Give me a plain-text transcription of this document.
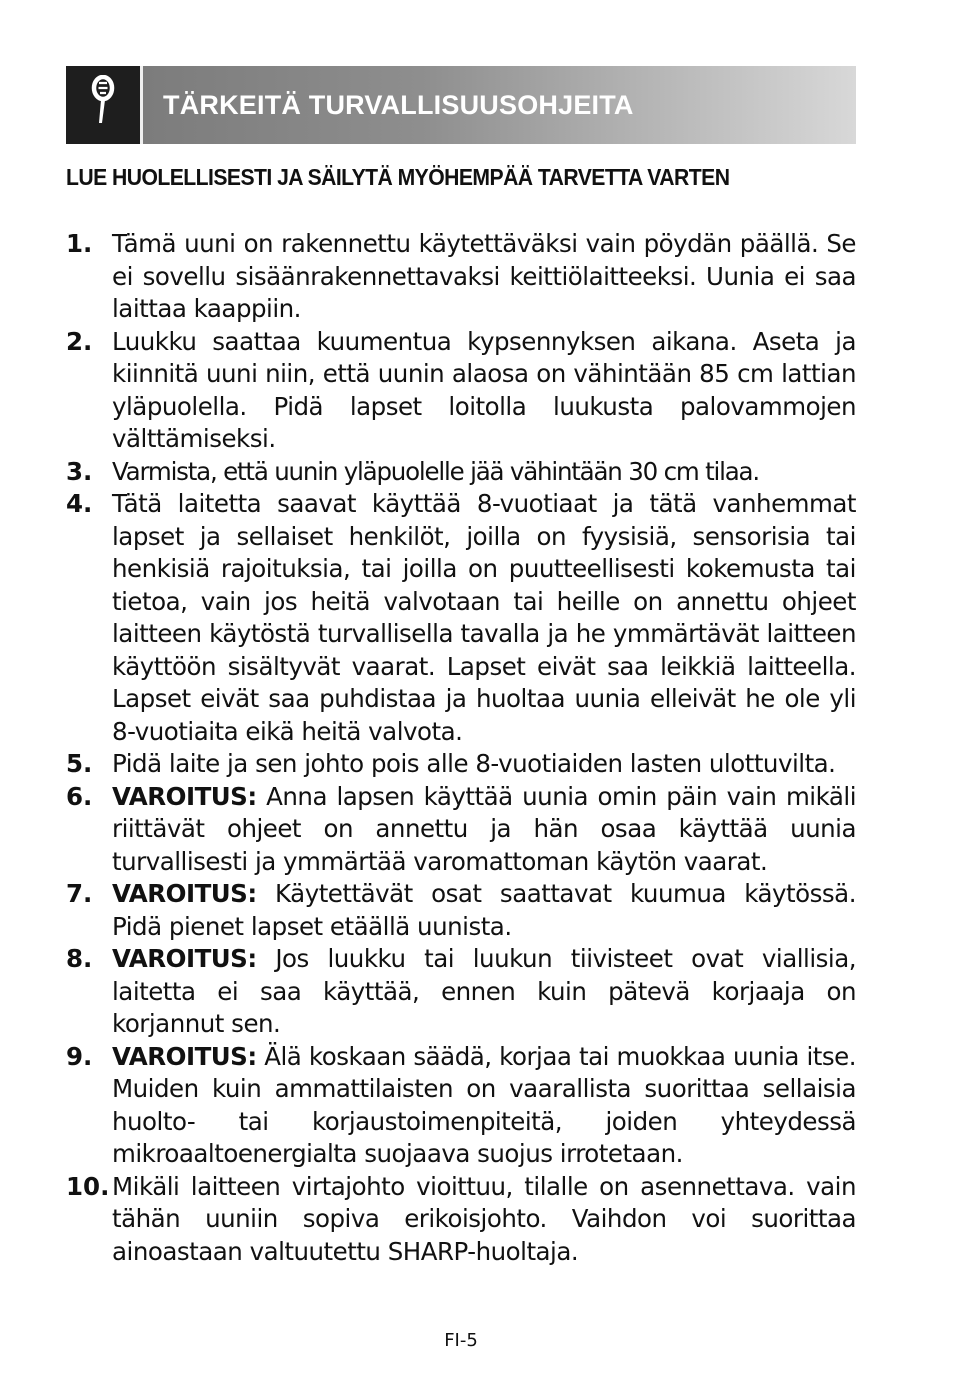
TÄRKEITÄ TURVALLISUUSOHJEITA
LUE HUOLELLISESTI JA SÄILYTÄ MYÖHEMPÄÄ TARVETTA VARTEN
1. Tämä uuni on rakennettu käytettäväksi vain pöydän päällä. Se ei sovellu sisäänrakennettavaksi keittiölaitteeksi. Uunia ei saa laittaa kaappiin.
2. Luukku saattaa kuumentua kypsennyksen aikana. Aseta ja kiinnitä uuni niin, että uunin alaosa on vähintään 85 cm lattian yläpuolella. Pidä lapset loitolla luukusta palovammojen välttämiseksi.
3. Varmista, että uunin yläpuolelle jää vähintään 30 cm tilaa.
4. Tätä laitetta saavat käyttää 8-vuotiaat ja tätä vanhemmat lapset ja sellaiset henkilöt, joilla on fyysisiä, sensorisia tai henkisiä rajoituksia, tai joilla on puutteellisesti kokemusta tai tietoa, vain jos heitä valvotaan tai heille on annettu ohjeet laitteen käytöstä turvallisella tavalla ja he ymmärtävät laitteen käyttöön sisältyvät vaarat. Lapset eivät saa leikkiä laitteella. Lapset eivät saa puhdistaa ja huoltaa uunia elleivät he ole yli 8-vuotiaita eikä heitä valvota.
5. Pidä laite ja sen johto pois alle 8-vuotiaiden lasten ulottuvilta.
6. VAROITUS: Anna lapsen käyttää uunia omin päin vain mikäli riittävät ohjeet on annettu ja hän osaa käyttää uunia turvallisesti ja ymmärtää varomattoman käytön vaarat.
7. VAROITUS: Käytettävät osat saattavat kuumua käytössä. Pidä pienet lapset etäällä uunista.
8. VAROITUS: Jos luukku tai luukun tiivisteet ovat viallisia, laitetta ei saa käyttää, ennen kuin pätevä korjaaja on korjannut sen.
9. VAROITUS: Älä koskaan säädä, korjaa tai muokkaa uunia itse. Muiden kuin ammattilaisten on vaarallista suorittaa sellaisia huolto- tai korjaustoimenpiteitä, joiden yhteydessä mikroaaltoenergialta suojaava suojus irrotetaan.
10. Mikäli laitteen virtajohto vioittuu, tilalle on asennettava. vain tähän uuniin sopiva erikoisjohto. Vaihdon voi suorittaa ainoastaan valtuutettu SHARP-huoltaja.
FI-5
